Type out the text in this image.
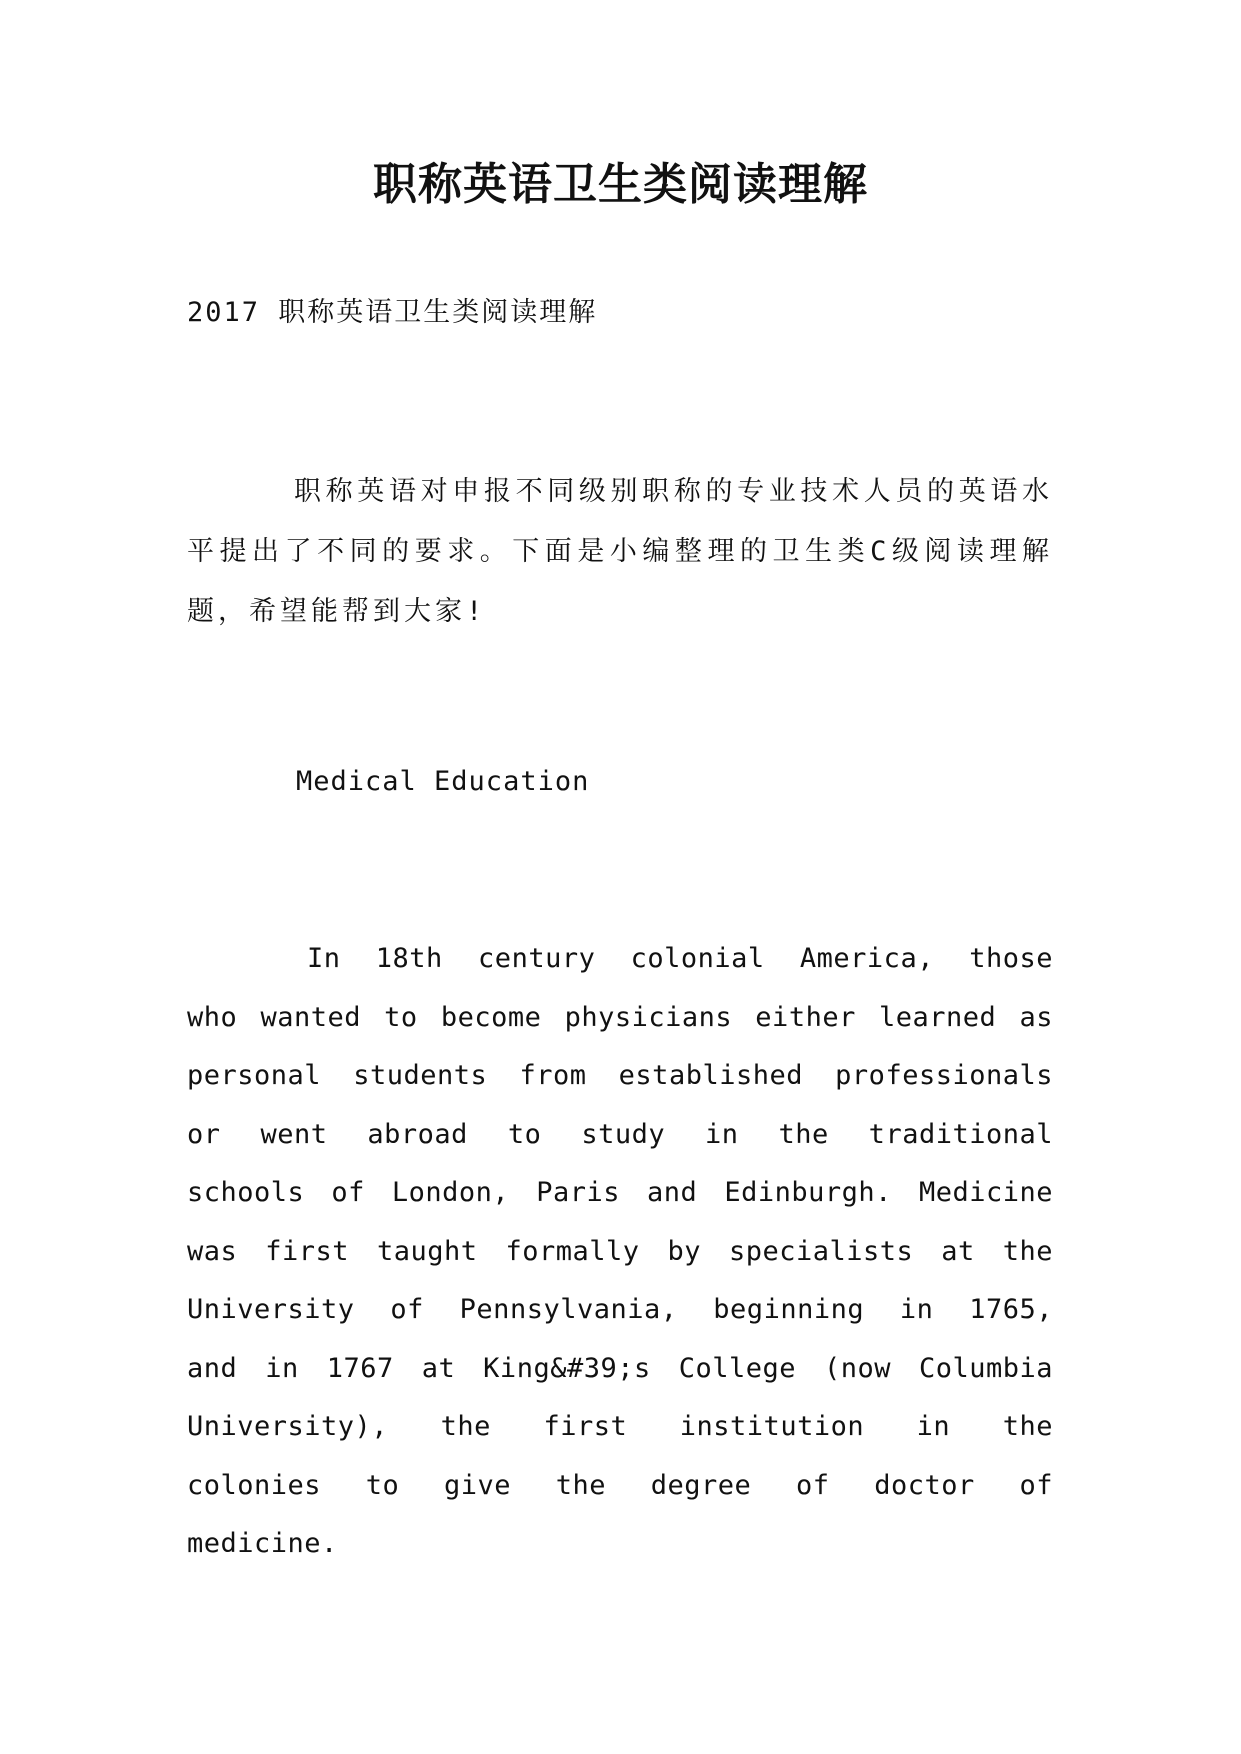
职称英语卫生类阅读理解
2017 职称英语卫生类阅读理解

职称英语对申报不同级别职称的专业技术人员的英语水平提出了不同的要求。下面是小编整理的卫生类C级阅读理解题，希望能帮到大家!

Medical Education

In 18th century colonial America, those who wanted to become physicians either learned as personal students from established professionals or went abroad to study in the traditional schools of London, Paris and Edinburgh. Medicine was first taught formally by specialists at the University of Pennsylvania, beginning in 1765, and in 1767 at King&#39;s College (now Columbia University), the first institution in the colonies to give the degree of doctor of medicine.
